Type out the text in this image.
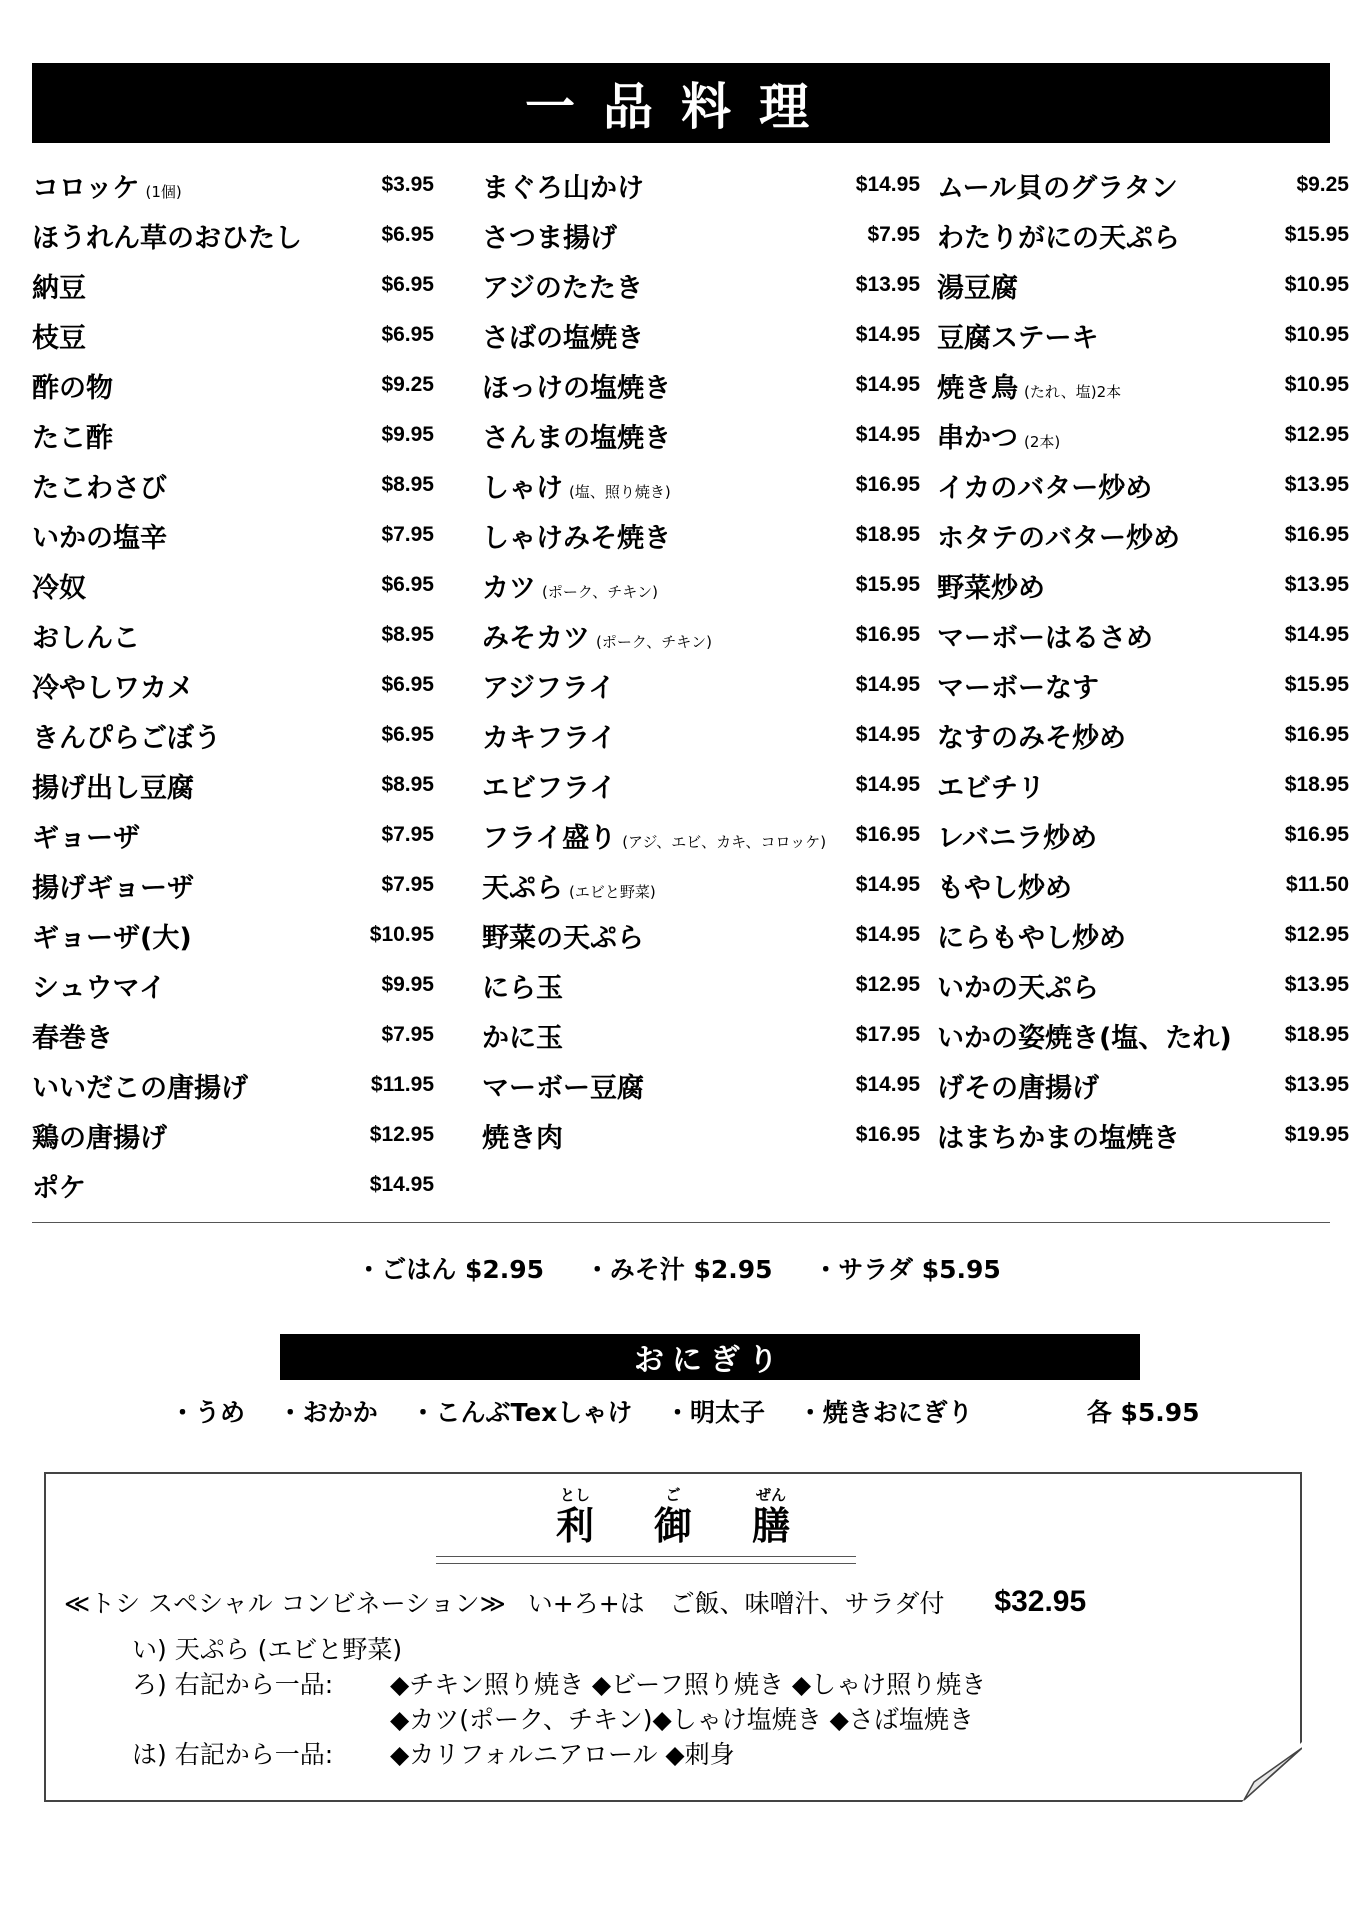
一品料理
コロッケ (1個)	$3.95
ほうれん草のおひたし	$6.95
納豆	$6.95
枝豆	$6.95
酢の物	$9.25
たこ酢	$9.95
たこわさび	$8.95
いかの塩辛	$7.95
冷奴	$6.95
おしんこ	$8.95
冷やしワカメ	$6.95
きんぴらごぼう	$6.95
揚げ出し豆腐	$8.95
ギョーザ	$7.95
揚げギョーザ	$7.95
ギョーザ(大)	$10.95
シュウマイ	$9.95
春巻き	$7.95
いいだこの唐揚げ	$11.95
鶏の唐揚げ	$12.95
ポケ	$14.95
まぐろ山かけ	$14.95
さつま揚げ	$7.95
アジのたたき	$13.95
さばの塩焼き	$14.95
ほっけの塩焼き	$14.95
さんまの塩焼き	$14.95
しゃけ (塩、照り焼き)	$16.95
しゃけみそ焼き	$18.95
カツ (ポーク、チキン)	$15.95
みそカツ (ポーク、チキン)	$16.95
アジフライ	$14.95
カキフライ	$14.95
エビフライ	$14.95
フライ盛り (アジ、エビ、カキ、コロッケ) $16.95
天ぷら (エビと野菜)	$14.95
野菜の天ぷら	$14.95
にら玉	$12.95
かに玉	$17.95
マーボー豆腐	$14.95
焼き肉	$16.95
ムール貝のグラタン	$9.25
わたりがにの天ぷら	$15.95
湯豆腐	$10.95
豆腐ステーキ	$10.95
焼き鳥 (たれ、塩)2本	$10.95
串かつ (2本)	$12.95
イカのバター炒め	$13.95
ホタテのバター炒め	$16.95
野菜炒め	$13.95
マーボーはるさめ	$14.95
マーボーなす	$15.95
なすのみそ炒め	$16.95
エビチリ	$18.95
レバニラ炒め	$16.95
もやし炒め	$11.50
にらもやし炒め	$12.95
いかの天ぷら	$13.95
いかの姿焼き(塩、たれ)	$18.95
げその唐揚げ	$13.95
はまちかまの塩焼き	$19.95
・ごはん $2.95 ・みそ汁 $2.95 ・サラダ $5.95
おにぎり
・うめ ・おかか ・こんぶTexしゃけ ・明太子 ・焼きおにぎり	各 $5.95
とし
利
ご
御
ぜん
膳
≪トシ スペシャル コンビネーション≫ い+ろ+は　ご飯、味噌汁、サラダ付 $32.95
い) 天ぷら (エビと野菜)
ろ) 右記から一品: ◆チキン照り焼き ◆ビーフ照り焼き ◆しゃけ照り焼き
◆カツ(ポーク、チキン)◆しゃけ塩焼き ◆さば塩焼き
は) 右記から一品: ◆カリフォルニアロール ◆刺身
